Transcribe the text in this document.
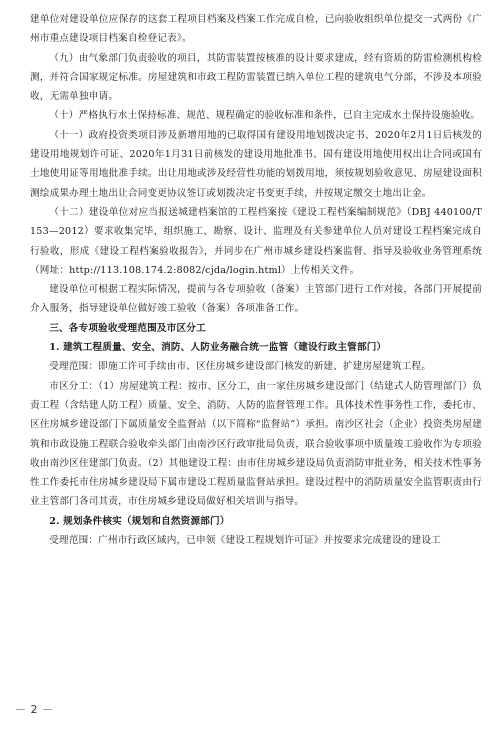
建单位对建设单位应保存的这套工程项目档案及档案工作完成自检，已向验收组织单位提交一式两份《广州市重点建设项目档案自检登记表》。

（九）由气象部门负责验收的项目，其防雷装置按核准的设计要求建成，经有资质的防雷检测机构检测，并符合国家规定标准。房屋建筑和市政工程防雷装置已纳入单位工程的建筑电气分部，不涉及本项验收，无需单独申请。

（十）严格执行水土保持标准、规范、规程确定的验收标准和条件，已自主完成水土保持设施验收。

（十一）政府投资类项目涉及新增用地的已取得国有建设用地划拨决定书、2020年2月1日后核发的建设用地规划许可证、2020年1月31日前核发的建设用地批准书、国有建设用地使用权出让合同或国有土地使用证等用地批准手续。出让用地或涉及经营性功能的划拨用地，须按规划验收意见、房屋建设面积测绘成果办理土地出让合同变更协议签订或划拨决定书变更手续，并按规定缴交土地出让金。

（十二）建设单位对应当报送城建档案馆的工程档案按《建设工程档案编制规范》（DBJ 440100/T 153—2012）要求收集完毕，组织施工、勘察、设计、监理及有关参建单位人员对建设工程档案完成自行验收，形成《建设工程档案验收报告》，并同步在广州市城乡建设档案监督、指导及验收业务管理系统（网址：http://113.108.174.2:8082/cjda/login.html）上传相关文件。

建设单位可根据工程实际情况，提前与各专项验收（备案）主管部门进行工作对接，各部门开展提前介入服务，指导建设单位做好竣工验收（备案）各项准备工作。

三、各专项验收受理范围及市区分工

1. 建筑工程质量、安全、消防、人防业务融合统一监管（建设行政主管部门）

受理范围：即施工许可手续由市、区住房城乡建设部门核发的新建、扩建房屋建筑工程。

市区分工：（1）房屋建筑工程：按市、区分工，由一家住房城乡建设部门（结建式人防管理部门）负责工程（含结建人防工程）质量、安全、消防、人防的监督管理工作。具体技术性事务性工作，委托市、区住房城乡建设部门下属质量安全监督站（以下简称“监督站”）承担。南沙区社会（企业）投资类房屋建筑和市政设施工程联合验收牵头部门由南沙区行政审批局负责，联合验收事项中质量竣工验收作为专项验收由南沙区住建部门负责。（2）其他建设工程：由市住房城乡建设局负责消防审批业务，相关技术性事务性工作委托市住房城乡建设局下属市建设工程质量监督站承担。建设过程中的消防质量安全监管职责由行业主管部门各司其责，市住房城乡建设局做好相关培训与指导。

2. 规划条件核实（规划和自然资源部门）

受理范围：广州市行政区域内，已申领《建设工程规划许可证》并按要求完成建设的建设工

－ 2 －
